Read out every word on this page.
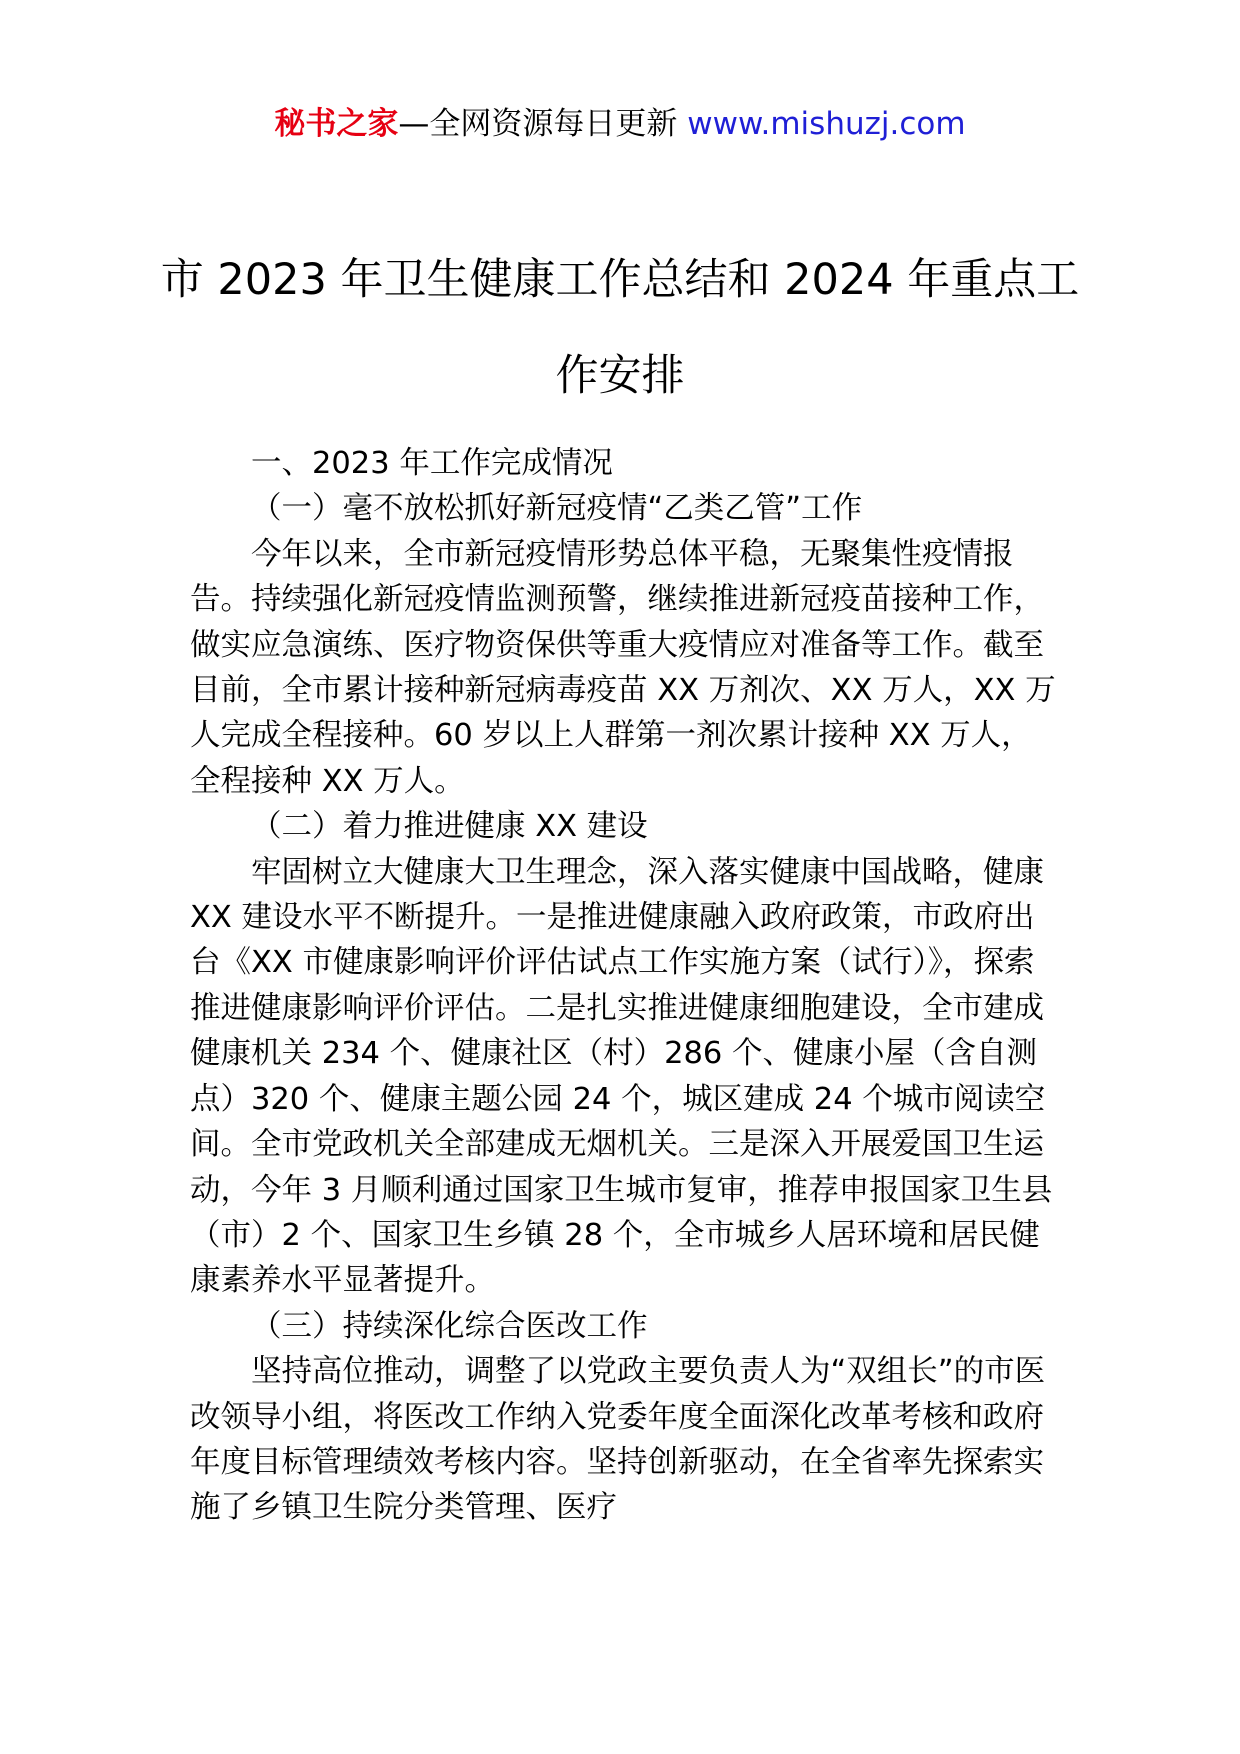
秘书之家—全网资源每日更新 www.mishuzj.com
市 2023 年卫生健康工作总结和 2024 年重点工作安排

一、2023 年工作完成情况

（一）毫不放松抓好新冠疫情“乙类乙管”工作

今年以来，全市新冠疫情形势总体平稳，无聚集性疫情报告。持续强化新冠疫情监测预警，继续推进新冠疫苗接种工作，做实应急演练、医疗物资保供等重大疫情应对准备等工作。截至目前，全市累计接种新冠病毒疫苗 XX 万剂次、XX 万人，XX 万人完成全程接种。60 岁以上人群第一剂次累计接种 XX 万人，全程接种 XX 万人。

（二）着力推进健康 XX 建设

牢固树立大健康大卫生理念，深入落实健康中国战略，健康 XX 建设水平不断提升。一是推进健康融入政府政策，市政府出台《XX 市健康影响评价评估试点工作实施方案（试行）》，探索推进健康影响评价评估。二是扎实推进健康细胞建设，全市建成健康机关 234 个、健康社区（村）286 个、健康小屋（含自测点）320 个、健康主题公园 24 个，城区建成 24 个城市阅读空间。全市党政机关全部建成无烟机关。三是深入开展爱国卫生运动，今年 3 月顺利通过国家卫生城市复审，推荐申报国家卫生县（市）2 个、国家卫生乡镇 28 个，全市城乡人居环境和居民健康素养水平显著提升。

（三）持续深化综合医改工作

坚持高位推动，调整了以党政主要负责人为“双组长”的市医改领导小组，将医改工作纳入党委年度全面深化改革考核和政府年度目标管理绩效考核内容。坚持创新驱动，在全省率先探索实施了乡镇卫生院分类管理、医疗
